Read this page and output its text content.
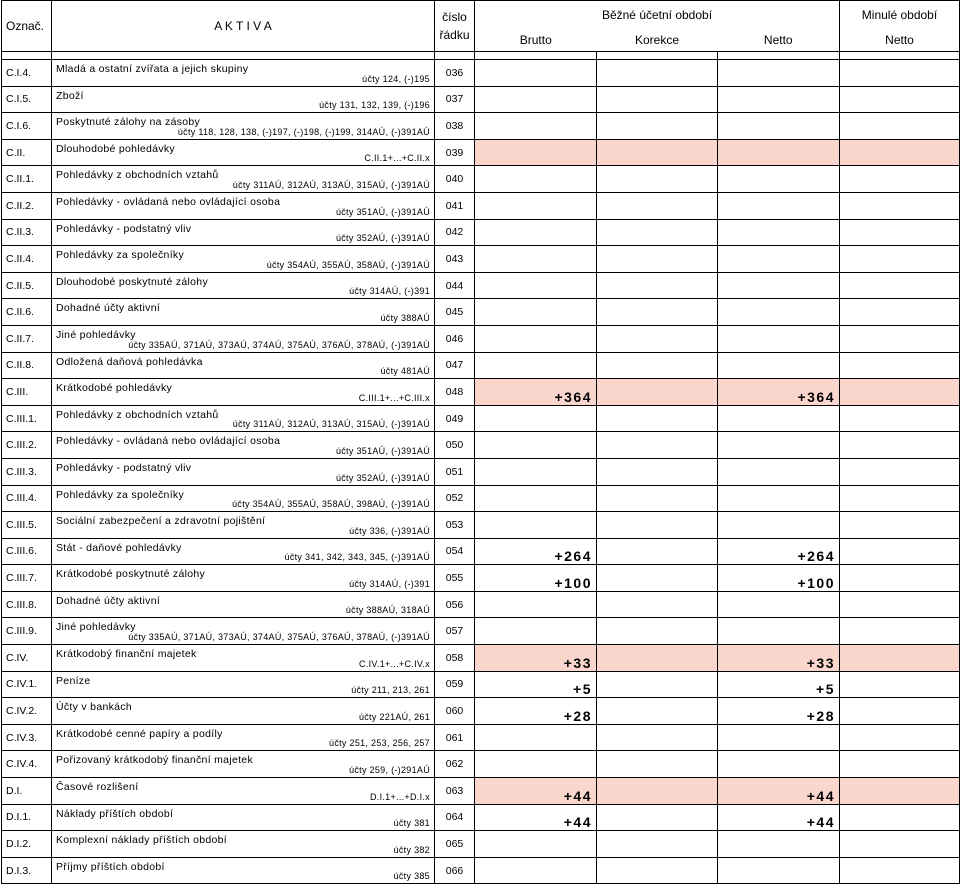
Označ.	A K T I V A	číslo
řádku	Běžné účetní období			Minulé období
			Brutto	Korekce	Netto	Netto

C.I.4.	Mladá a ostatní zvířata a jejich skupiny
účty 124, (-)195	036				
C.I.5.	Zboží
účty 131, 132, 139, (-)196	037				
C.I.6.	Poskytnuté zálohy na zásoby
účty 118, 128, 138, (-)197, (-)198, (-)199, 314AÚ, (-)391AÚ	038				
C.II.	Dlouhodobé pohledávky
C.II.1+...+C.II.x	039				
C.II.1.	Pohledávky z obchodních vztahů
účty 311AÚ, 312AÚ, 313AÚ, 315AÚ, (-)391AÚ	040				
C.II.2.	Pohledávky - ovládaná nebo ovládající osoba
účty 351AÚ, (-)391AÚ	041				
C.II.3.	Pohledávky - podstatný vliv
účty 352AÚ, (-)391AÚ	042				
C.II.4.	Pohledávky za společníky
účty 354AÚ, 355AÚ, 358AÚ, (-)391AÚ	043				
C.II.5.	Dlouhodobé poskytnuté zálohy
účty 314AÚ, (-)391	044				
C.II.6.	Dohadné účty aktivní
účty 388AÚ	045				
C.II.7.	Jiné pohledávky
účty 335AÚ, 371AÚ, 373AÚ, 374AÚ, 375AÚ, 376AÚ, 378AÚ, (-)391AÚ	046				
C.II.8.	Odložená daňová pohledávka
účty 481AÚ	047				
C.III.	Krátkodobé pohledávky
C.III.1+...+C.III.x	048	+364		+364	
C.III.1.	Pohledávky z obchodních vztahů
účty 311AÚ, 312AÚ, 313AÚ, 315AÚ, (-)391AÚ	049				
C.III.2.	Pohledávky - ovládaná nebo ovládající osoba
účty 351AÚ, (-)391AÚ	050				
C.III.3.	Pohledávky - podstatný vliv
účty 352AÚ, (-)391AÚ	051				
C.III.4.	Pohledávky za společníky
účty 354AÚ, 355AÚ, 358AÚ, 398AÚ, (-)391AÚ	052				
C.III.5.	Sociální zabezpečení a zdravotní pojištění
účty 336, (-)391AÚ	053				
C.III.6.	Stát - daňové pohledávky
účty 341, 342, 343, 345, (-)391AÚ	054	+264		+264	
C.III.7.	Krátkodobé poskytnuté zálohy
účty 314AÚ, (-)391	055	+100		+100	
C.III.8.	Dohadné účty aktivní
účty 388AÚ, 318AÚ	056				
C.III.9.	Jiné pohledávky
účty 335AÚ, 371AÚ, 373AÚ, 374AÚ, 375AÚ, 376AÚ, 378AÚ, (-)391AÚ	057				
C.IV.	Krátkodobý finanční majetek
C.IV.1+...+C.IV.x	058	+33		+33	
C.IV.1.	Peníze
účty 211, 213, 261	059	+5		+5	
C.IV.2.	Účty v bankách
účty 221AÚ, 261	060	+28		+28	
C.IV.3.	Krátkodobé cenné papíry a podíly
účty 251, 253, 256, 257	061				
C.IV.4.	Pořizovaný krátkodobý finanční majetek
účty 259, (-)291AÚ	062				
D.I.	Časové rozlišení
D.I.1+...+D.I.x	063	+44		+44	
D.I.1.	Náklady příštích období
účty 381	064	+44		+44	
D.I.2.	Komplexní náklady příštích období
účty 382	065				
D.I.3.	Příjmy příštích období
účty 385	066				
